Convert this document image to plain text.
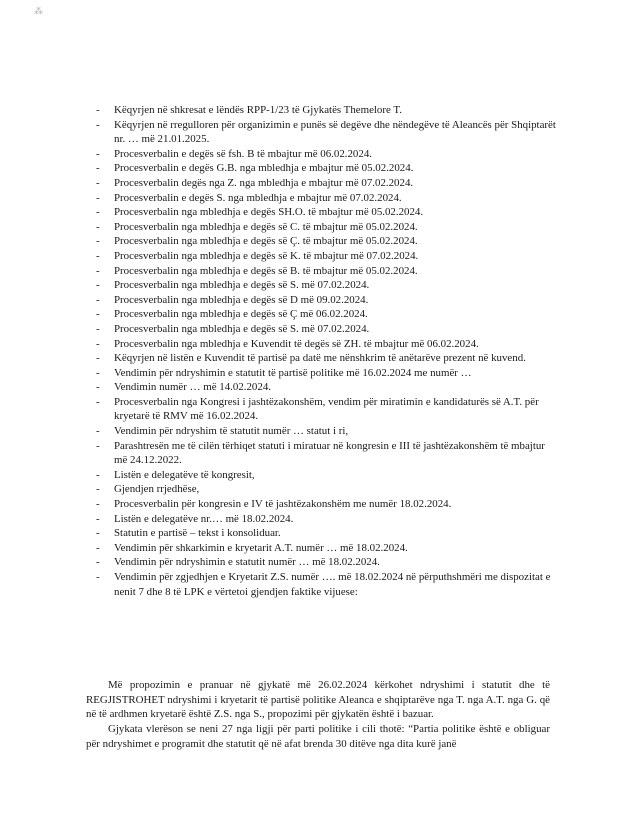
⁂
- Këqyrjen në shkresat e lëndës RPP-1/23 të Gjykatës Themelore T.
- Këqyrjen në rregulloren për organizimin e punës së degëve dhe nëndegëve të Aleancës për Shqiptarët nr. … më 21.01.2025.
- Procesverbalin e degës së fsh. B të mbajtur më 06.02.2024.
- Procesverbalin e degës G.B. nga mbledhja e mbajtur më 05.02.2024.
- Procesverbalin degës nga Z. nga mbledhja e mbajtur më 07.02.2024.
- Procesverbalin e degës S. nga mbledhja e mbajtur më 07.02.2024.
- Procesverbalin nga mbledhja e degës SH.O. të mbajtur më 05.02.2024.
- Procesverbalin nga mbledhja e degës së C. të mbajtur më 05.02.2024.
- Procesverbalin nga mbledhja e degës së Ç. të mbajtur më 05.02.2024.
- Procesverbalin nga mbledhja e degës së K. të mbajtur më 07.02.2024.
- Procesverbalin nga mbledhja e degës së B. të mbajtur më 05.02.2024.
- Procesverbalin nga mbledhja e degës së S. më 07.02.2024.
- Procesverbalin nga mbledhja e degës së D më 09.02.2024.
- Procesverbalin nga mbledhja e degës së Ç më 06.02.2024.
- Procesverbalin nga mbledhja e degës së S. më 07.02.2024.
- Procesverbalin nga mbledhja e Kuvendit të degës së ZH. të mbajtur më 06.02.2024.
- Këqyrjen në listën e Kuvendit të partisë pa datë me nënshkrim të anëtarëve prezent në kuvend.
- Vendimin për ndryshimin e statutit të partisë politike më 16.02.2024 me numër …
- Vendimin numër … më 14.02.2024.
- Procesverbalin nga Kongresi i jashtëzakonshëm, vendim për miratimin e kandidaturës së A.T. për kryetarë të RMV më 16.02.2024.
- Vendimin për ndryshim të statutit numër … statut i ri,
- Parashtresën me të cilën tërhiqet statuti i miratuar në kongresin e III të jashtëzakonshëm të mbajtur më 24.12.2022.
- Listën e delegatëve të kongresit,
- Gjendjen rrjedhëse,
- Procesverbalin për kongresin e IV të jashtëzakonshëm me numër 18.02.2024.
- Listën e delegatëve nr.… më 18.02.2024.
- Statutin e partisë – tekst i konsoliduar.
- Vendimin për shkarkimin e kryetarit A.T. numër … më 18.02.2024.
- Vendimin për ndryshimin e statutit numër … më 18.02.2024.
- Vendimin për zgjedhjen e Kryetarit Z.S. numër …. më 18.02.2024 në përputhshmëri me dispozitat e nenit 7 dhe 8 të LPK e vërtetoi gjendjen faktike vijuese:
Më propozimin e pranuar në gjykatë më 26.02.2024 kërkohet ndryshimi i statutit dhe të REGJISTROHET ndryshimi i kryetarit të partisë politike Aleanca e shqiptarëve nga T. nga A.T. nga G. që në të ardhmen kryetarë është Z.S. nga S., propozimi për gjykatën është i bazuar.
Gjykata vlerëson se neni 27 nga ligji për parti politike i cili thotë: “Partia politike është e obliguar për ndryshimet e programit dhe statutit që në afat brenda 30 ditëve nga dita kurë janë
